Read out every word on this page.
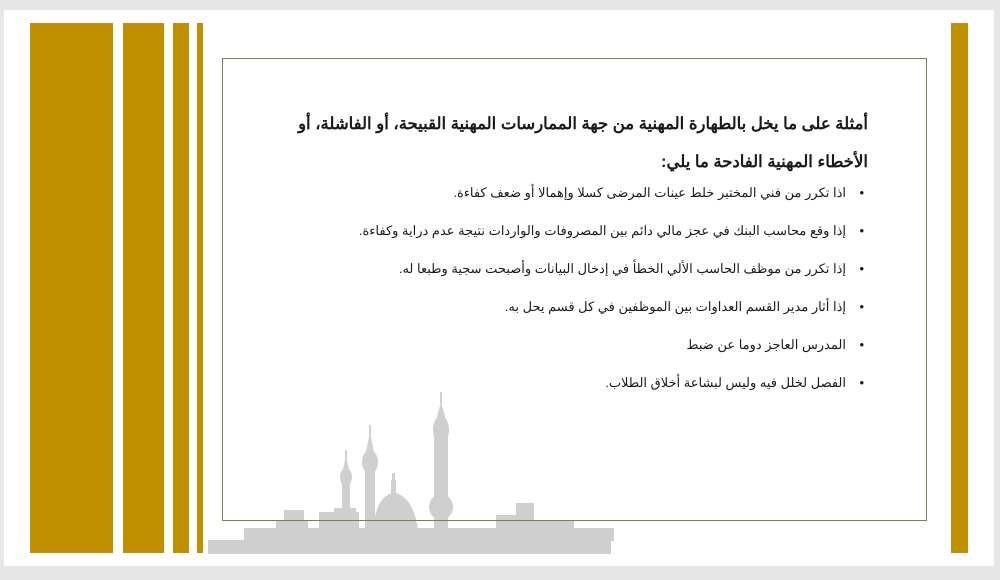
أمثلة على ما يخل بالطهارة المهنية من جهة الممارسات المهنية القبيحة، أو الفاشلة، أو
الأخطاء المهنية الفادحة ما يلي:
•
اذا تكرر من فني المختبر خلط عينات المرضى كسلا وإهمالا أو ضعف كفاءة.
•
إذا وقع محاسب البنك في عجز مالي دائم بين المصروفات والواردات نتيجة عدم دراية وكفاءة.
•
إذا تكرر من موظف الحاسب الألي الخطأ في إدخال البيانات وأصبحت سجية وطبعا له.
•
إذا أثار مدير القسم العداوات بين الموظفين في كل قسم يحل به.
•
المدرس العاجز دوما عن ضبط
•
الفصل لخلل فيه وليس لبشاعة أخلاق الطلاب.
